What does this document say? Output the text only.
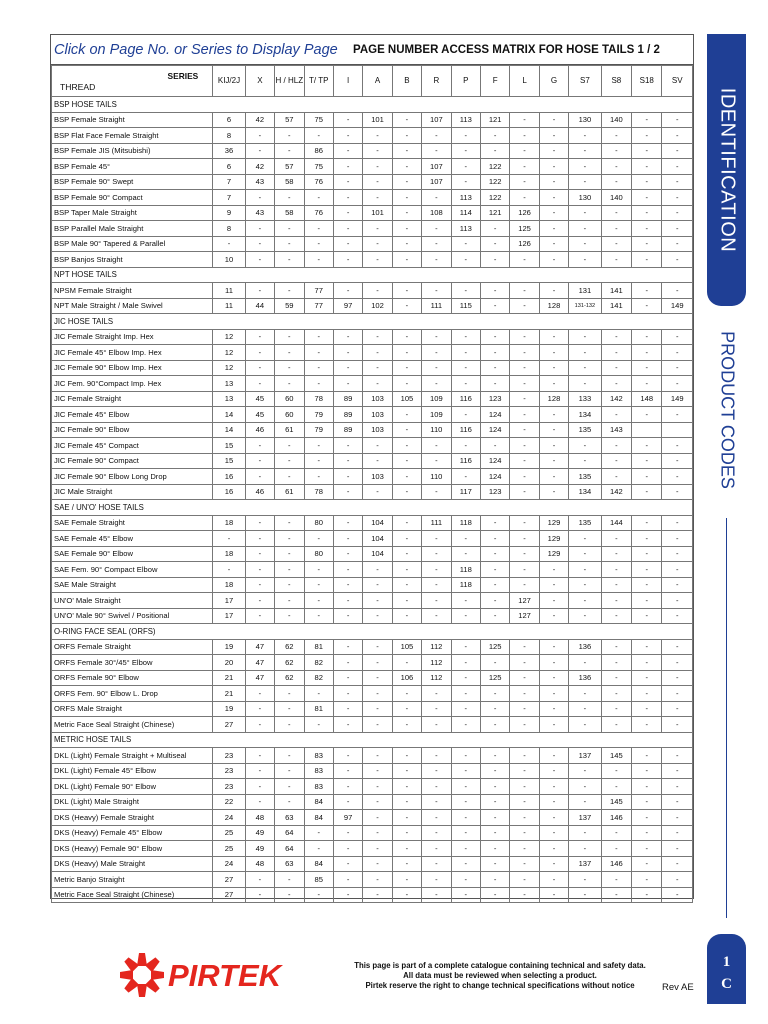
Click on Page No. or Series to Display Page PAGE NUMBER ACCESS MATRIX FOR HOSE TAILS 1 / 2
THREAD
SERIES	KIJ/2J	X	H / HLZ	T/ TP	I	A	B	R	P	F	L	G	S7	S8	S18	SV
BSP HOSE TAILS																
BSP Female Straight	6	42	57	75	-	101	-	107	113	121	-	-	130	140	-	-
BSP Flat Face Female Straight	8	-	-	-	-	-	-	-	-	-	-	-	-	-	-	-
BSP Female JIS (Mitsubishi)	36	-	-	86	-	-	-	-	-	-	-	-	-	-	-	-
BSP Female 45°	6	42	57	75	-	-	-	107	-	122	-	-	-	-	-	-
BSP Female 90° Swept	7	43	58	76	-	-	-	107	-	122	-	-	-	-	-	-
BSP Female 90° Compact	7	-	-	-	-	-	-	-	113	122	-	-	130	140	-	-
BSP Taper Male Straight	9	43	58	76	-	101	-	108	114	121	126	-	-	-	-	-
BSP Parallel Male Straight	8	-	-	-	-	-	-	-	113	-	125	-	-	-	-	-
BSP Male 90° Tapered & Parallel	-	-	-	-	-	-	-	-	-	-	126	-	-	-	-	-
BSP Banjos Straight	10	-	-	-	-	-	-	-	-	-	-	-	-	-	-	-
NPT HOSE TAILS																
NPSM Female Straight	11	-	-	77	-	-	-	-	-	-	-	-	131	141	-	-
NPT Male Straight / Male Swivel	11	44	59	77	97	102	-	111	115	-	-	128	131-132	141	-	149
JIC HOSE TAILS																
JIC Female Straight Imp. Hex	12	-	-	-	-	-	-	-	-	-	-	-	-	-	-	-
JIC Female 45° Elbow Imp. Hex	12	-	-	-	-	-	-	-	-	-	-	-	-	-	-	-
JIC Female 90° Elbow Imp. Hex	12	-	-	-	-	-	-	-	-	-	-	-	-	-	-	-
JIC Fem. 90°Compact Imp. Hex	13	-	-	-	-	-	-	-	-	-	-	-	-	-	-	-
JIC Female Straight	13	45	60	78	89	103	105	109	116	123	-	128	133	142	148	149
JIC Female 45° Elbow	14	45	60	79	89	103	-	109	-	124	-	-	134	-	-	-
JIC Female 90° Elbow	14	46	61	79	89	103	-	110	116	124	-	-	135	143		
JIC Female 45° Compact	15	-	-	-	-	-	-	-	-	-	-	-	-	-	-	-
JIC Female 90° Compact	15	-	-	-	-	-	-	-	116	124	-	-	-	-	-	-
JIC Female 90° Elbow Long Drop	16	-	-	-	-	103	-	110	-	124	-	-	135	-	-	-
JIC Male Straight	16	46	61	78	-	-	-	-	117	123	-	-	134	142	-	-
SAE / UN'O' HOSE TAILS																
SAE Female Straight	18	-	-	80	-	104	-	111	118	-	-	129	135	144	-	-
SAE Female 45° Elbow	-	-	-	-	-	104	-	-	-	-	-	129	-	-	-	-
SAE Female 90° Elbow	18	-	-	80	-	104	-	-	-	-	-	129	-	-	-	-
SAE Fem. 90° Compact Elbow	-	-	-	-	-	-	-	-	118	-	-	-	-	-	-	-
SAE Male Straight	18	-	-	-	-	-	-	-	118	-	-	-	-	-	-	-
UN'O' Male Straight	17	-	-	-	-	-	-	-	-	-	127	-	-	-	-	-
UN'O' Male 90° Swivel / Positional	17	-	-	-	-	-	-	-	-	-	127	-	-	-	-	-
O-RING FACE SEAL (ORFS)																
ORFS Female Straight	19	47	62	81	-	-	105	112	-	125	-	-	136	-	-	-
ORFS Female 30°/45° Elbow	20	47	62	82	-	-	-	112	-	-	-	-	-	-	-	-
ORFS Female 90° Elbow	21	47	62	82	-	-	106	112	-	125	-	-	136	-	-	-
ORFS Fem. 90° Elbow L. Drop	21	-	-	-	-	-	-	-	-	-	-	-	-	-	-	-
ORFS Male Straight	19	-	-	81	-	-	-	-	-	-	-	-	-	-	-	-
Metric Face Seal Straight (Chinese)	27	-	-	-	-	-	-	-	-	-	-	-	-	-	-	-
METRIC HOSE TAILS																
DKL (Light) Female Straight + Multiseal	23	-	-	83	-	-	-	-	-	-	-	-	137	145	-	-
DKL (Light) Female 45° Elbow	23	-	-	83	-	-	-	-	-	-	-	-	-	-	-	-
DKL (Light) Female 90° Elbow	23	-	-	83	-	-	-	-	-	-	-	-	-	-	-	-
DKL (Light) Male Straight	22	-	-	84	-	-	-	-	-	-	-	-	-	145	-	-
DKS (Heavy) Female Straight	24	48	63	84	97	-	-	-	-	-	-	-	137	146	-	-
DKS (Heavy) Female 45° Elbow	25	49	64	-	-	-	-	-	-	-	-	-	-	-	-	-
DKS (Heavy) Female 90° Elbow	25	49	64	-	-	-	-	-	-	-	-	-	-	-	-	-
DKS (Heavy) Male Straight	24	48	63	84	-	-	-	-	-	-	-	-	137	146	-	-
Metric Banjo Straight	27	-	-	85	-	-	-	-	-	-	-	-	-	-	-	-
Metric Face Seal Straight (Chinese)	27	-	-	-	-	-	-	-	-	-	-	-	-	-	-	-
IDENTIFICATION
PRODUCT CODES
1
C
PIRTEK	This page is part of a complete catalogue containing technical and safety data.
All data must be reviewed when selecting a product.
Pirtek reserve the right to change technical specifications without notice	Rev AE
